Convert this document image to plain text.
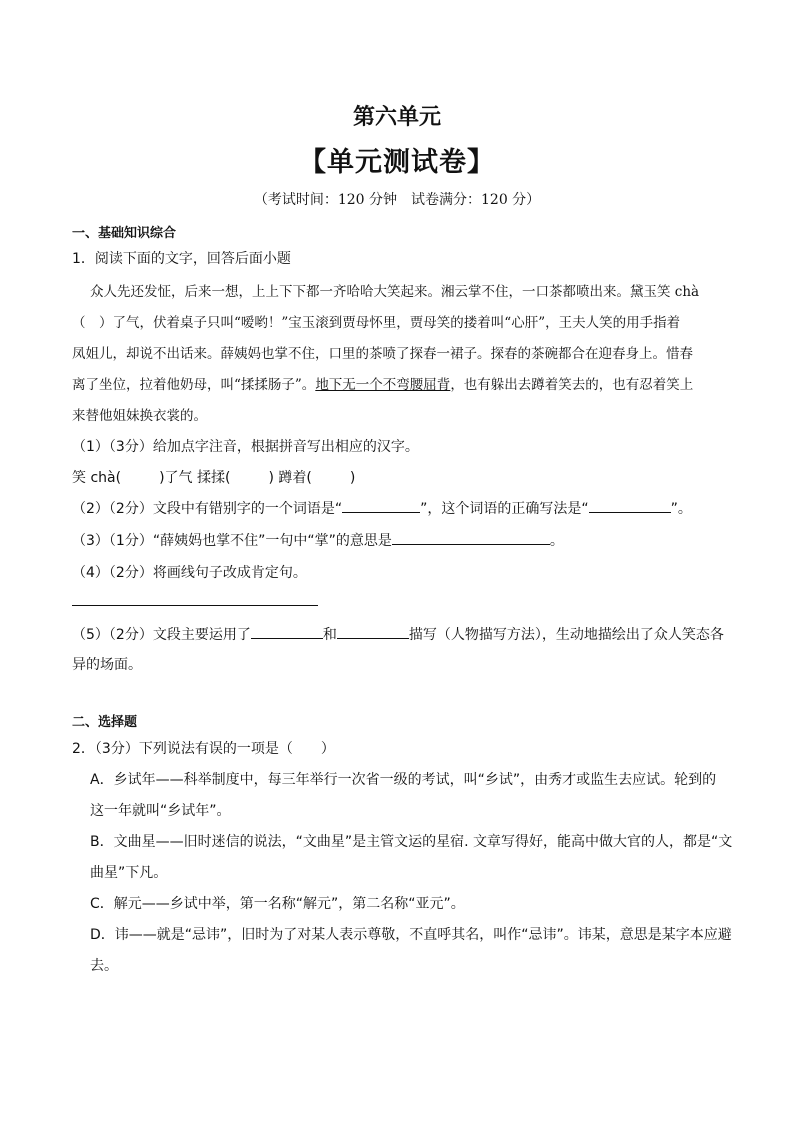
第六单元
【单元测试卷】
（考试时间：120 分钟　试卷满分：120 分）
一、基础知识综合
1．阅读下面的文字，回答后面小题
众人先还发怔，后来一想，上上下下都一齐哈哈大笑起来。湘云掌不住，一口茶都喷出来。黛玉笑 chà
（　）了气，伏着桌子只叫“嗳哟！”宝玉滚到贾母怀里，贾母笑的搂着叫“心肝”，王夫人笑的用手指着
凤姐儿，却说不出话来。薛姨妈也掌不住，口里的茶喷了探春一裙子。探春的茶碗都合在迎春身上。惜春
离了坐位，拉着他奶母，叫“揉揉肠子”。地下无一个不弯腰屈背，也有躲出去蹲着笑去的，也有忍着笑上
来替他姐妹换衣裳的。
（1）（3分）给加点字注音，根据拼音写出相应的汉字。
笑 chà(	)了气 揉揉(	) 蹲着(	)
（2）（2分）文段中有错别字的一个词语是“	”，这个词语的正确写法是“	”。
（3）（1分）“薛姨妈也掌不住”一句中“掌”的意思是	。
（4）（2分）将画线句子改成肯定句。
（5）（2分）文段主要运用了	和	描写（人物描写方法），生动地描绘出了众人笑态各
异的场面。
二、选择题
2．（3分）下列说法有误的一项是（　　）
A．乡试年——科举制度中，每三年举行一次省一级的考试，叫“乡试”，由秀才或监生去应试。轮到的
这一年就叫“乡试年”。
B．文曲星——旧时迷信的说法，“文曲星”是主管文运的星宿. 文章写得好，能高中做大官的人，都是“文
曲星”下凡。
C．解元——乡试中举，第一名称“解元”，第二名称“亚元”。
D．讳——就是“忌讳”，旧时为了对某人表示尊敬，不直呼其名，叫作“忌讳”。讳某，意思是某字本应避
去。
